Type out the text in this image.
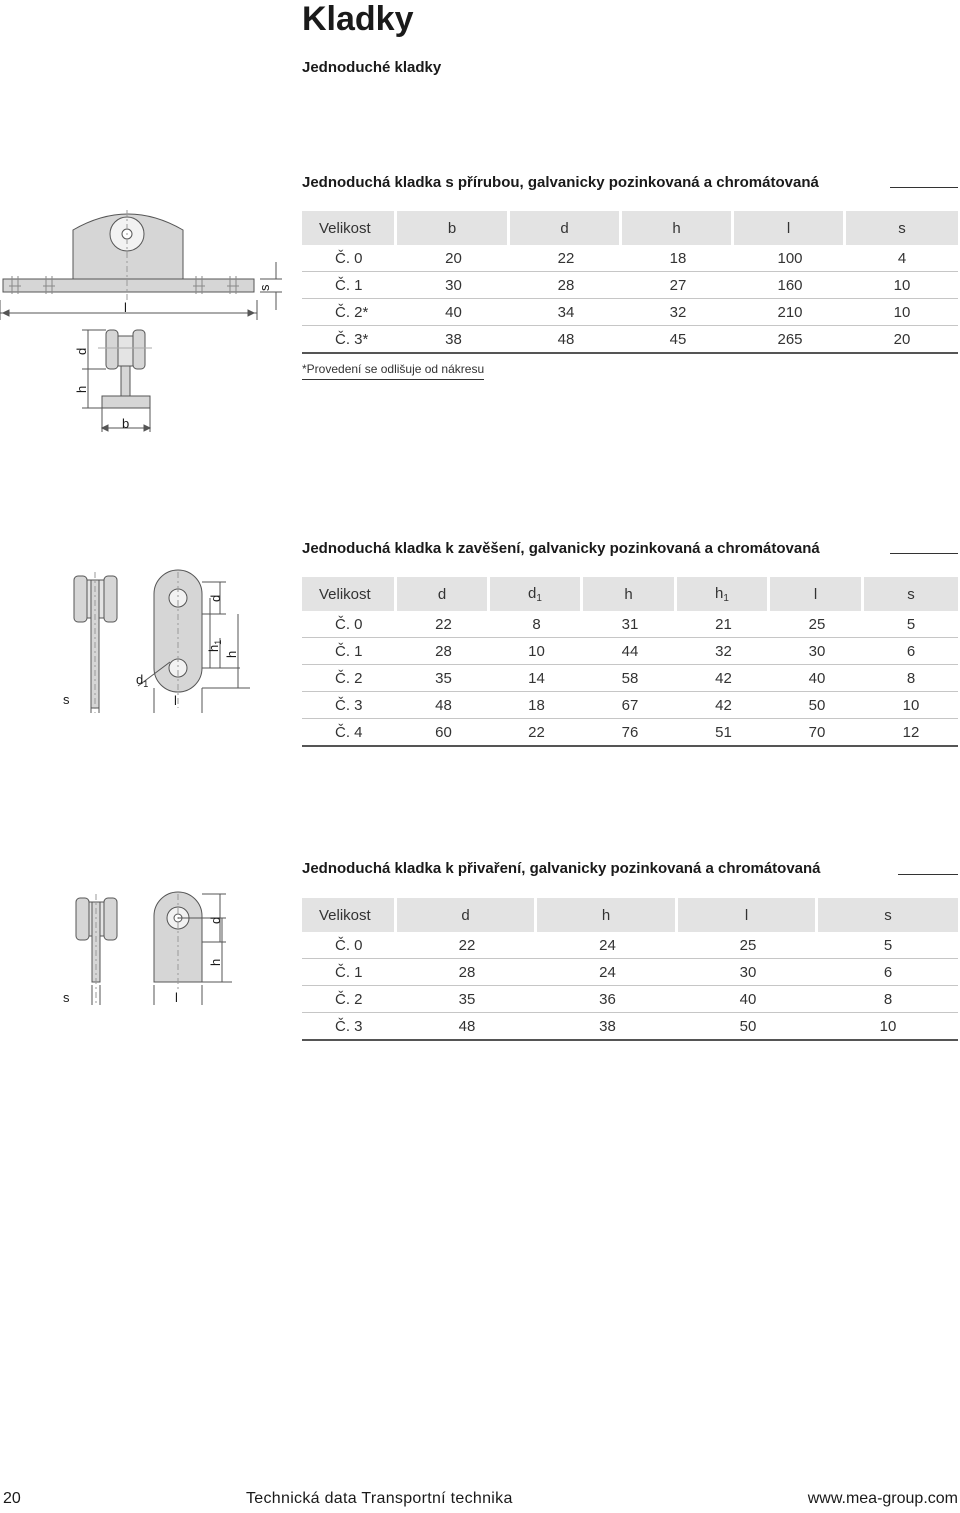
Kladky
Jednoduché kladky
Jednoduchá kladka s přírubou, galvanicky pozinkovaná a chromátovaná
l
s
d
h
b
Velikost	b	d	h	l	s
Č. 0	20	22	18	100	4
Č. 1	30	28	27	160	10
Č. 2*	40	34	32	210	10
Č. 3*	38	48	45	265	20
*Provedení se odlišuje od nákresu
Jednoduchá kladka k zavěšení, galvanicky pozinkovaná a chromátovaná
s	l
$d_1$
d
$h_1$
h
Velikost	d	$d_1$	h	$h_1$	l	s
Č. 0	22	8	31	21	25	5
Č. 1	28	10	44	32	30	6
Č. 2	35	14	58	42	40	8
Č. 3	48	18	67	42	50	10
Č. 4	60	22	76	51	70	12
Jednoduchá kladka k přivaření, galvanicky pozinkovaná a chromátovaná
s	l
d
h
Velikost	d	h	l	s
Č. 0	22	24	25	5
Č. 1	28	24	30	6
Č. 2	35	36	40	8
Č. 3	48	38	50	10
20	Technická data Transportní technika	www.mea-group.com
